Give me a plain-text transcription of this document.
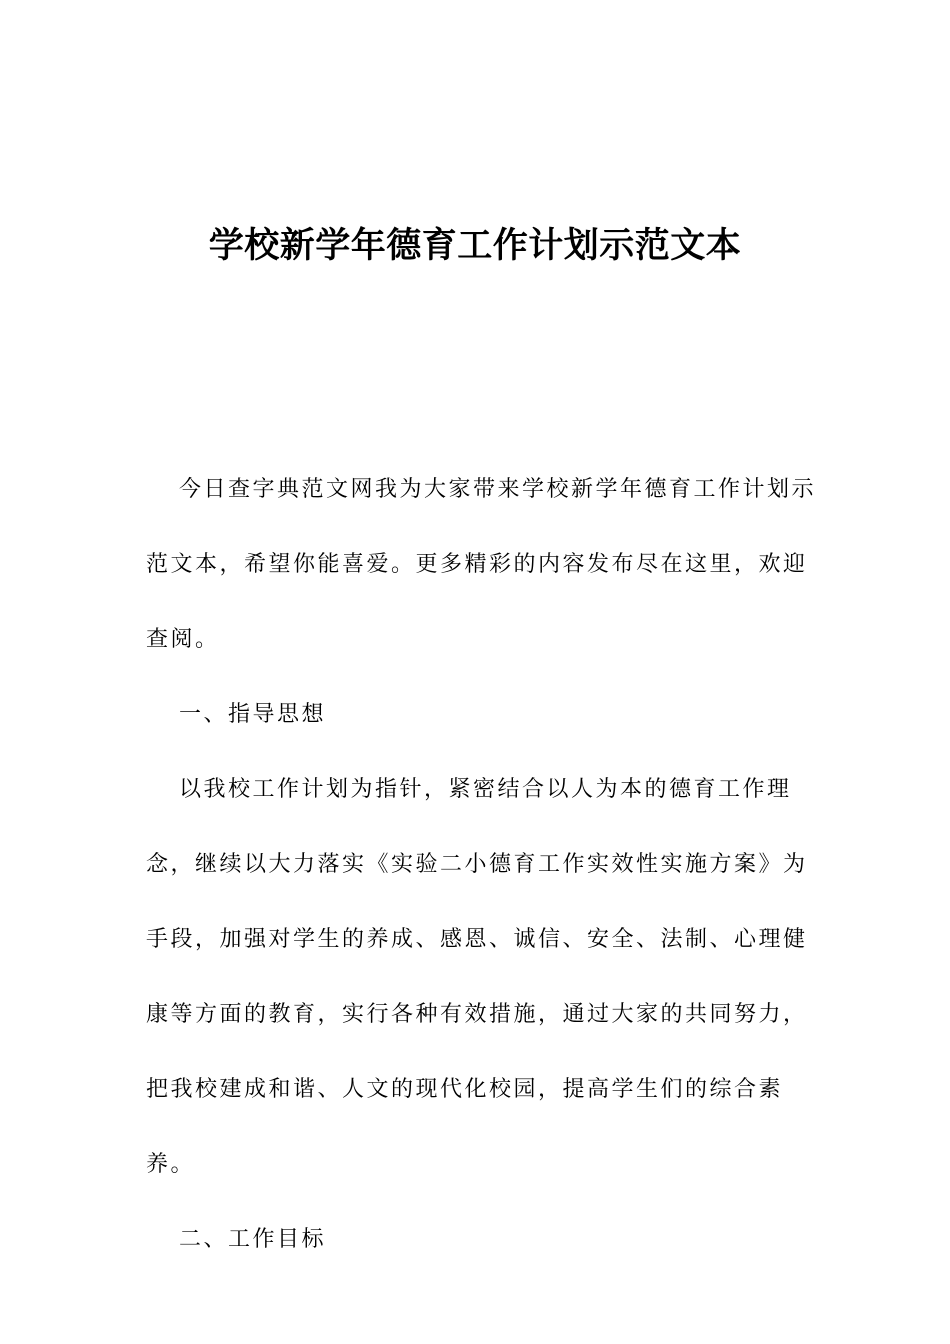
学校新学年德育工作计划示范文本

今日查字典范文网我为大家带来学校新学年德育工作计划示范文本，希望你能喜爱。更多精彩的内容发布尽在这里，欢迎查阅。

一、指导思想

以我校工作计划为指针，紧密结合以人为本的德育工作理念，继续以大力落实《实验二小德育工作实效性实施方案》为手段，加强对学生的养成、感恩、诚信、安全、法制、心理健康等方面的教育，实行各种有效措施，通过大家的共同努力，把我校建成和谐、人文的现代化校园，提高学生们的综合素养。

二、工作目标
